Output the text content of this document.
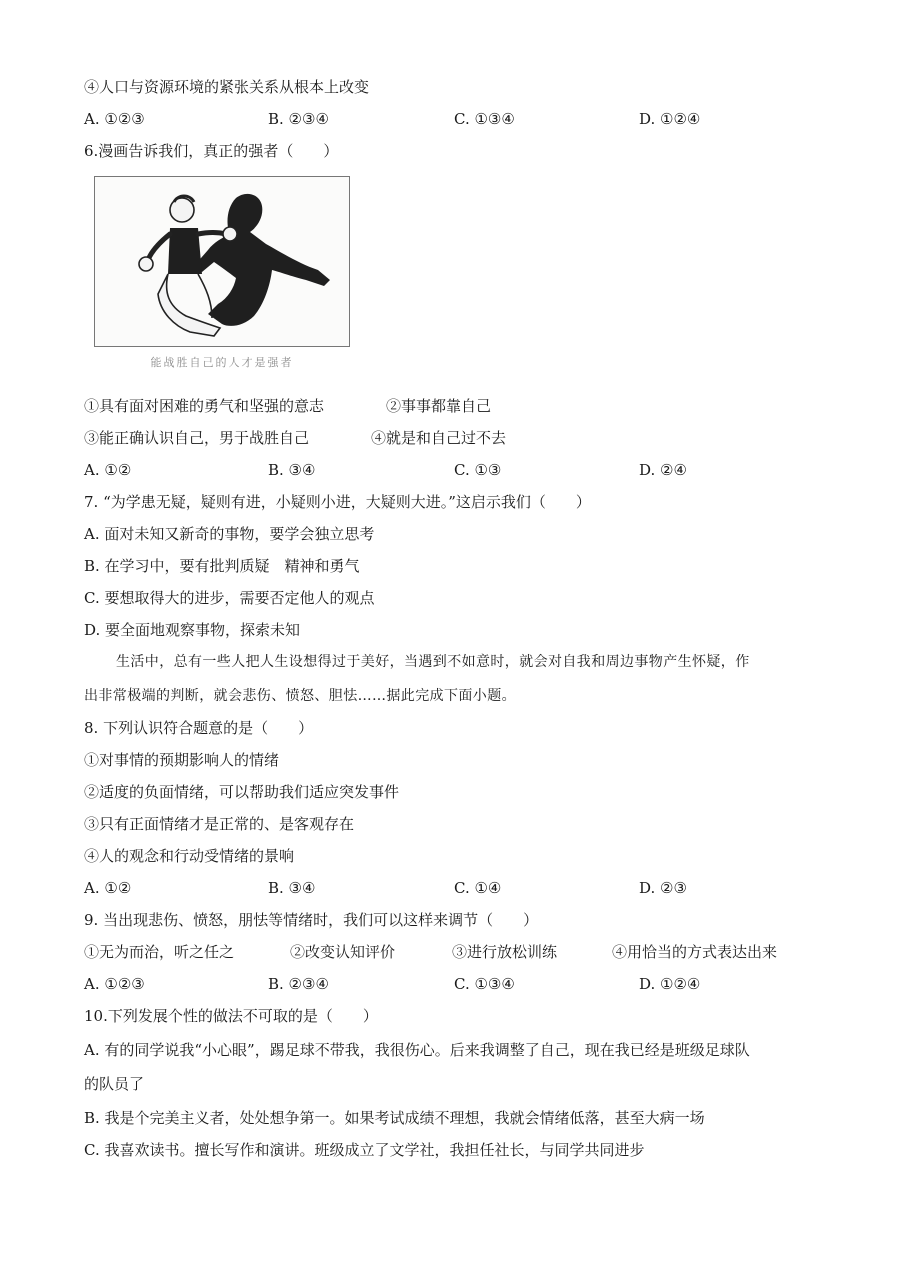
④人口与资源环境的紧张关系从根本上改变
A. ①②③	B. ②③④	C. ①③④	D. ①②④
6.漫画告诉我们，真正的强者（　　）
能战胜自己的人才是强者
①具有面对困难的勇气和坚强的意志	②事事都靠自己
③能正确认识自己，男于战胜自己	④就是和自己过不去
A. ①②	B. ③④	C. ①③	D. ②④
7. “为学患无疑，疑则有进，小疑则小进，大疑则大进。”这启示我们（　　）
A. 面对未知又新奇的事物，要学会独立思考
B. 在学习中，要有批判质疑　精神和勇气
C. 要想取得大的进步，需要否定他人的观点
D. 要全面地观察事物，探索未知
生活中，总有一些人把人生设想得过于美好，当遇到不如意时，就会对自我和周边事物产生怀疑，作
出非常极端的判断，就会悲伤、愤怒、胆怯……据此完成下面小题。
8. 下列认识符合题意的是（　　）
①对事情的预期影响人的情绪
②适度的负面情绪，可以帮助我们适应突发事件
③只有正面情绪才是正常的、是客观存在
④人的观念和行动受情绪的景响
A. ①②	B. ③④	C. ①④	D. ②③
9. 当出现悲伤、愤怒，朋怯等情绪时，我们可以这样来调节（　　）
①无为而治，听之任之	②改变认知评价	③进行放松训练	④用恰当的方式表达出来
A. ①②③	B. ②③④	C. ①③④	D. ①②④
10.下列发展个性的做法不可取的是（　　）
A. 有的同学说我“小心眼”，踢足球不带我，我很伤心。后来我调整了自己，现在我已经是班级足球队
的队员了
B. 我是个完美主义者，处处想争第一。如果考试成绩不理想，我就会情绪低落，甚至大病一场
C. 我喜欢读书。擅长写作和演讲。班级成立了文学社，我担任社长，与同学共同进步
